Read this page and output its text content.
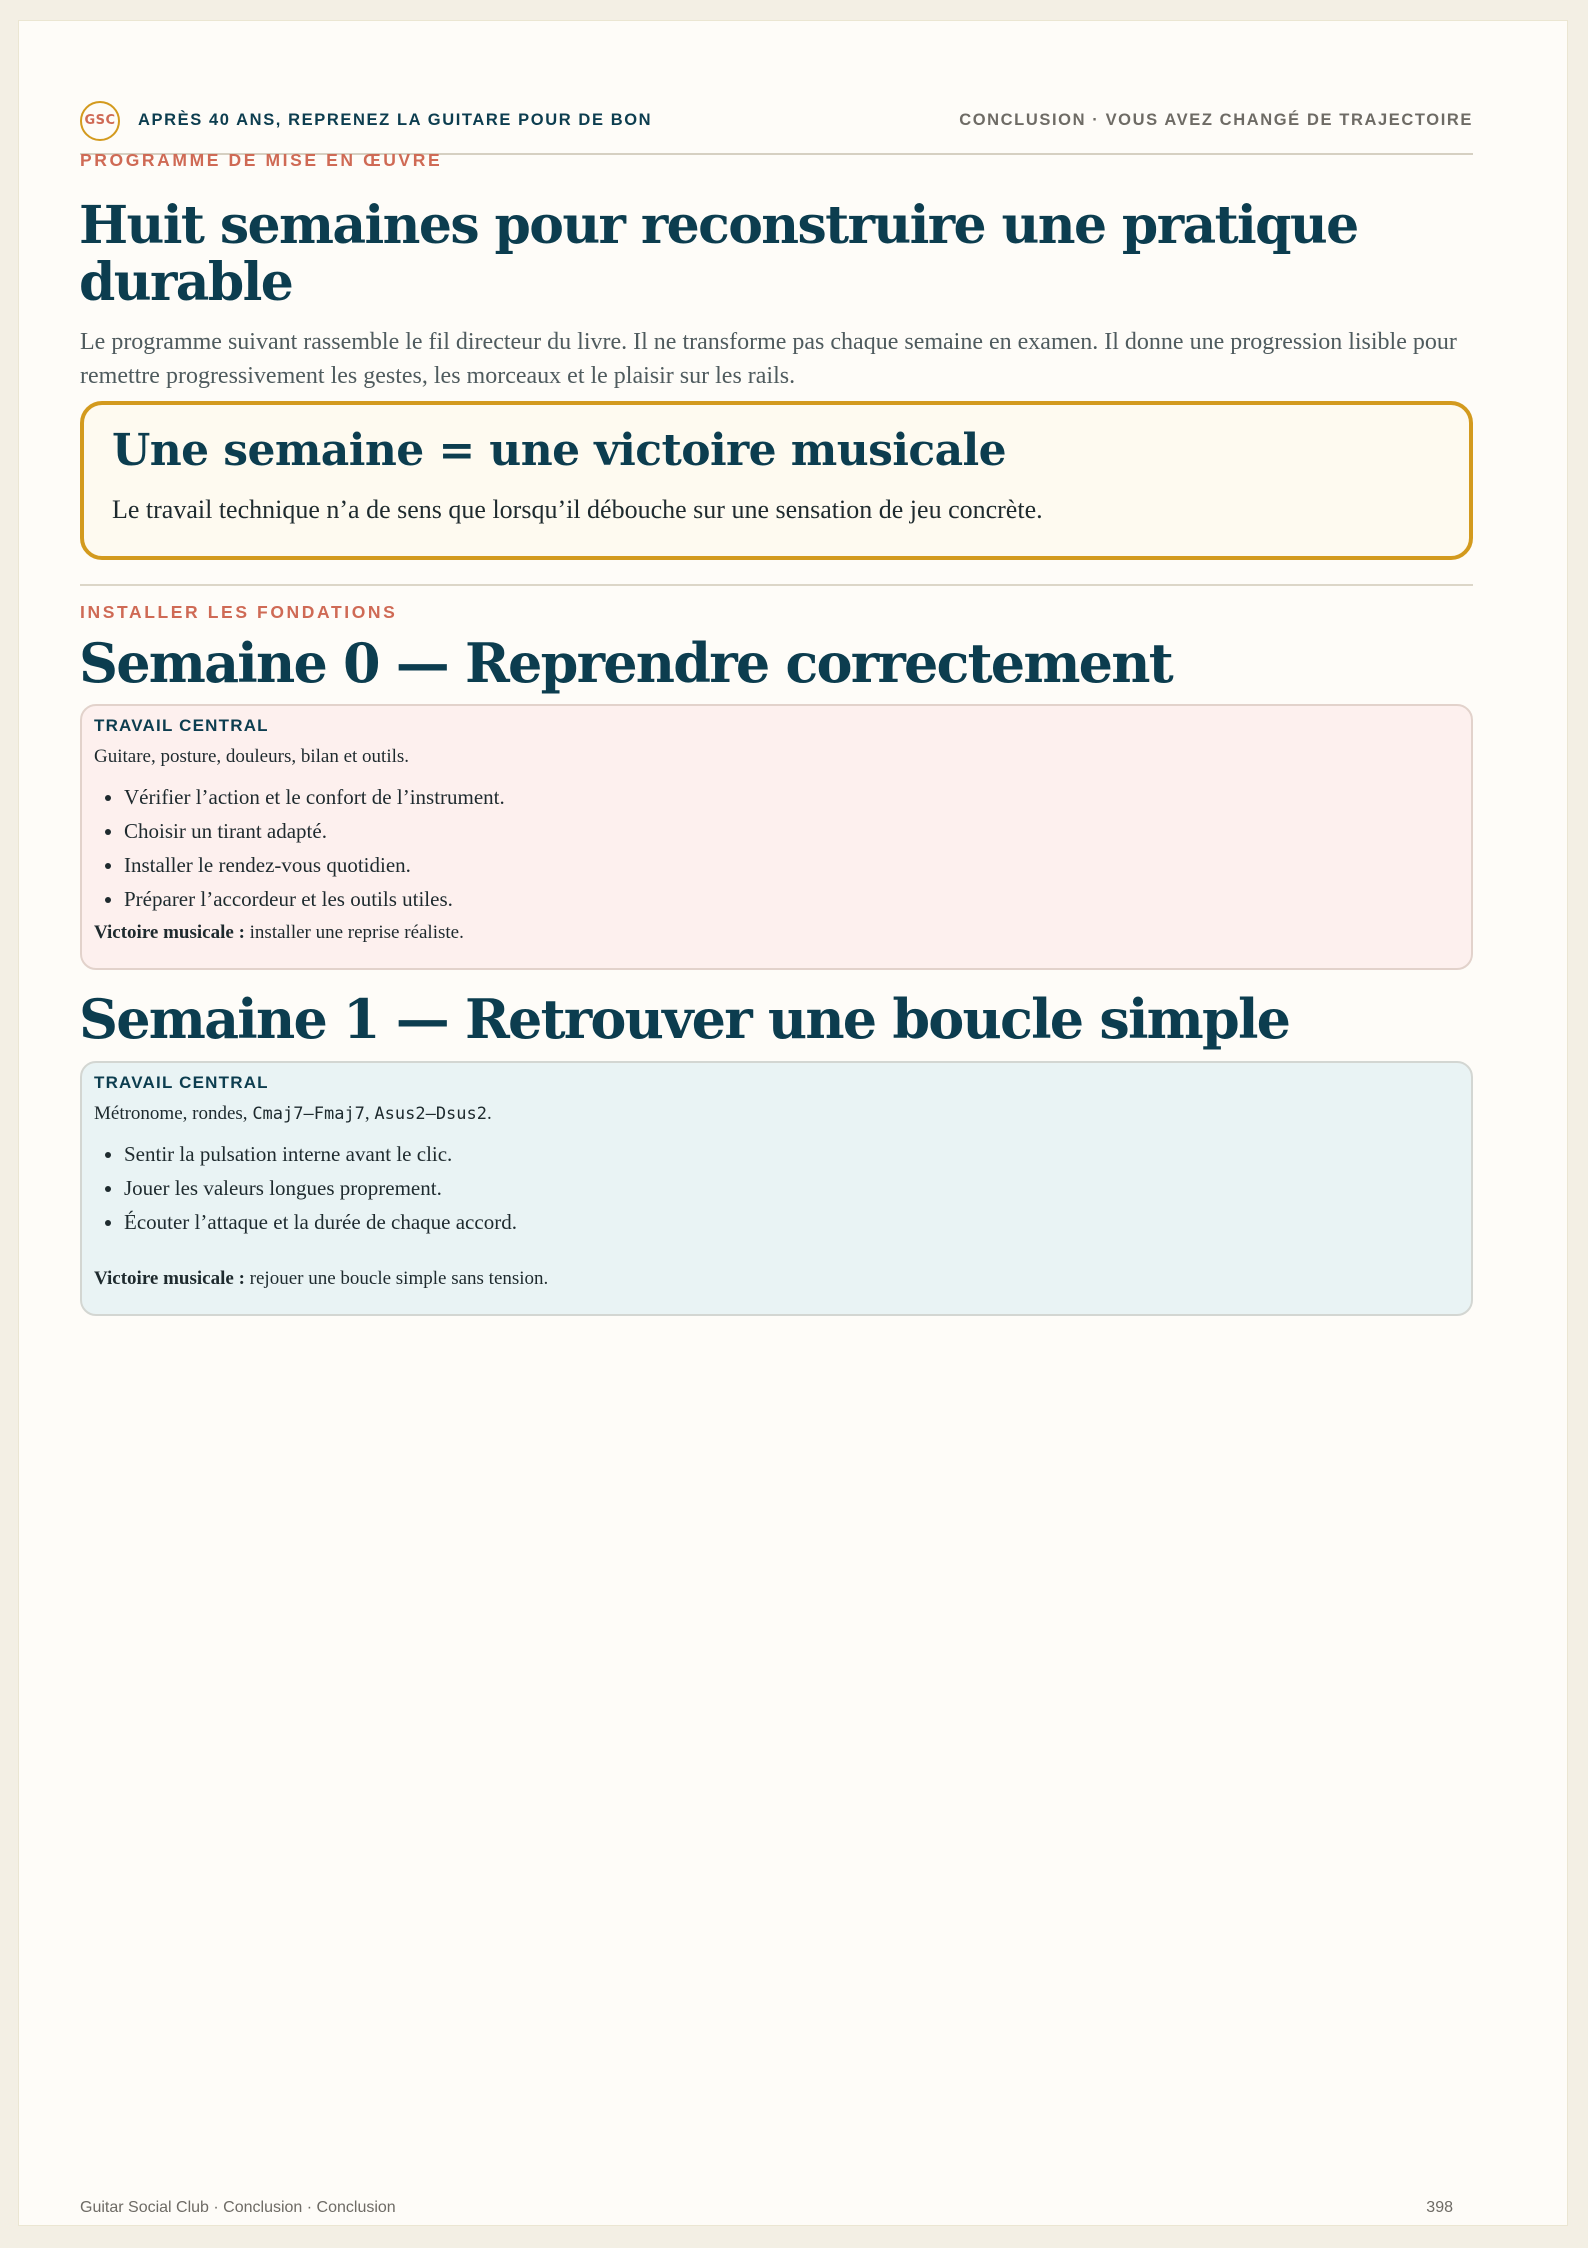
GSC APRÈS 40 ANS, REPRENEZ LA GUITARE POUR DE BON	CONCLUSION · VOUS AVEZ CHANGÉ DE TRAJECTOIRE
PROGRAMME DE MISE EN ŒUVRE
Huit semaines pour reconstruire une pratique durable

Le programme suivant rassemble le fil directeur du livre. Il ne transforme pas chaque semaine en examen. Il donne une progression lisible pour remettre progressivement les gestes, les morceaux et le plaisir sur les rails.

Une semaine = une victoire musicale

Le travail technique n’a de sens que lorsqu’il débouche sur une sensation de jeu concrète.

INSTALLER LES FONDATIONS
Semaine 0 — Reprendre correctement
TRAVAIL CENTRAL
Guitare, posture, douleurs, bilan et outils.
• Vérifier l’action et le confort de l’instrument.
• Choisir un tirant adapté.
• Installer le rendez-vous quotidien.
• Préparer l’accordeur et les outils utiles.
Victoire musicale : installer une reprise réaliste.
Semaine 1 — Retrouver une boucle simple
TRAVAIL CENTRAL
Métronome, rondes, Cmaj7—Fmaj7, Asus2—Dsus2.
• Sentir la pulsation interne avant le clic.
• Jouer les valeurs longues proprement.
• Écouter l’attaque et la durée de chaque accord.
Victoire musicale : rejouer une boucle simple sans tension.
Guitar Social Club · Conclusion · Conclusion	398
